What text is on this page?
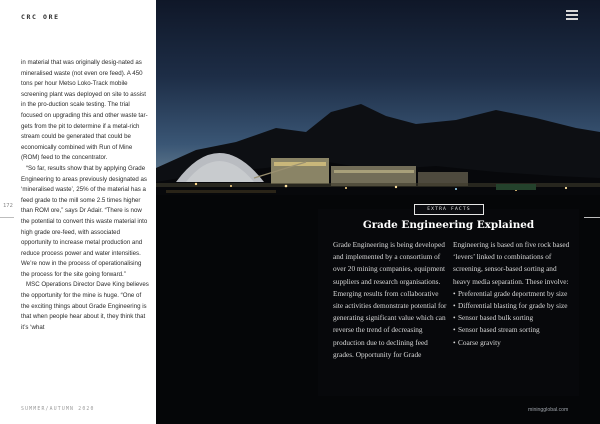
CRC ORE

in material that was originally desig-nated as mineralised waste (not even ore feed). A 450 tons per hour Metso Loko-Track mobile screening plant was deployed on site to assist in the pro-duction scale testing. The trial focused on upgrading this and other waste tar-gets from the pit to determine if a metal-rich stream could be generated that could be economically combined with Run of Mine (ROM) feed to the concentrator.

“So far, results show that by applying Grade Engineering to areas previously designated as ‘mineralised waste’, 25% of the material has a feed grade to the mill some 2.5 times higher than ROM ore,” says Dr Adair. “There is now the potential to convert this waste material into high grade ore-feed, with associated opportunity to increase metal production and reduce process power and water intensities. We’re now in the process of operationalising the process for the site going forward.”

MSC Operations Director Dave King believes the opportunity for the mine is huge. “One of the exciting things about Grade Engineering is that when people hear about it, they think that it’s ‘what

172
SUMMER/AUTUMN 2020	miningglobal.com
EXTRA FACTS
Grade Engineering Explained
Grade Engineering is being developed and implemented by a consortium of over 20 mining companies, equipment suppliers and research organisations. Emerging results from collaborative site activities demonstrate potential for generating significant value which can reverse the trend of decreasing production due to declining feed grades. Opportunity for Grade
Engineering is based on five rock based ‘levers’ linked to combinations of screening, sensor-based sorting and heavy media separation. These involve:
• Preferential grade deportment by size
• Differential blasting for grade by size
• Sensor based bulk sorting
• Sensor based stream sorting
• Coarse gravity
